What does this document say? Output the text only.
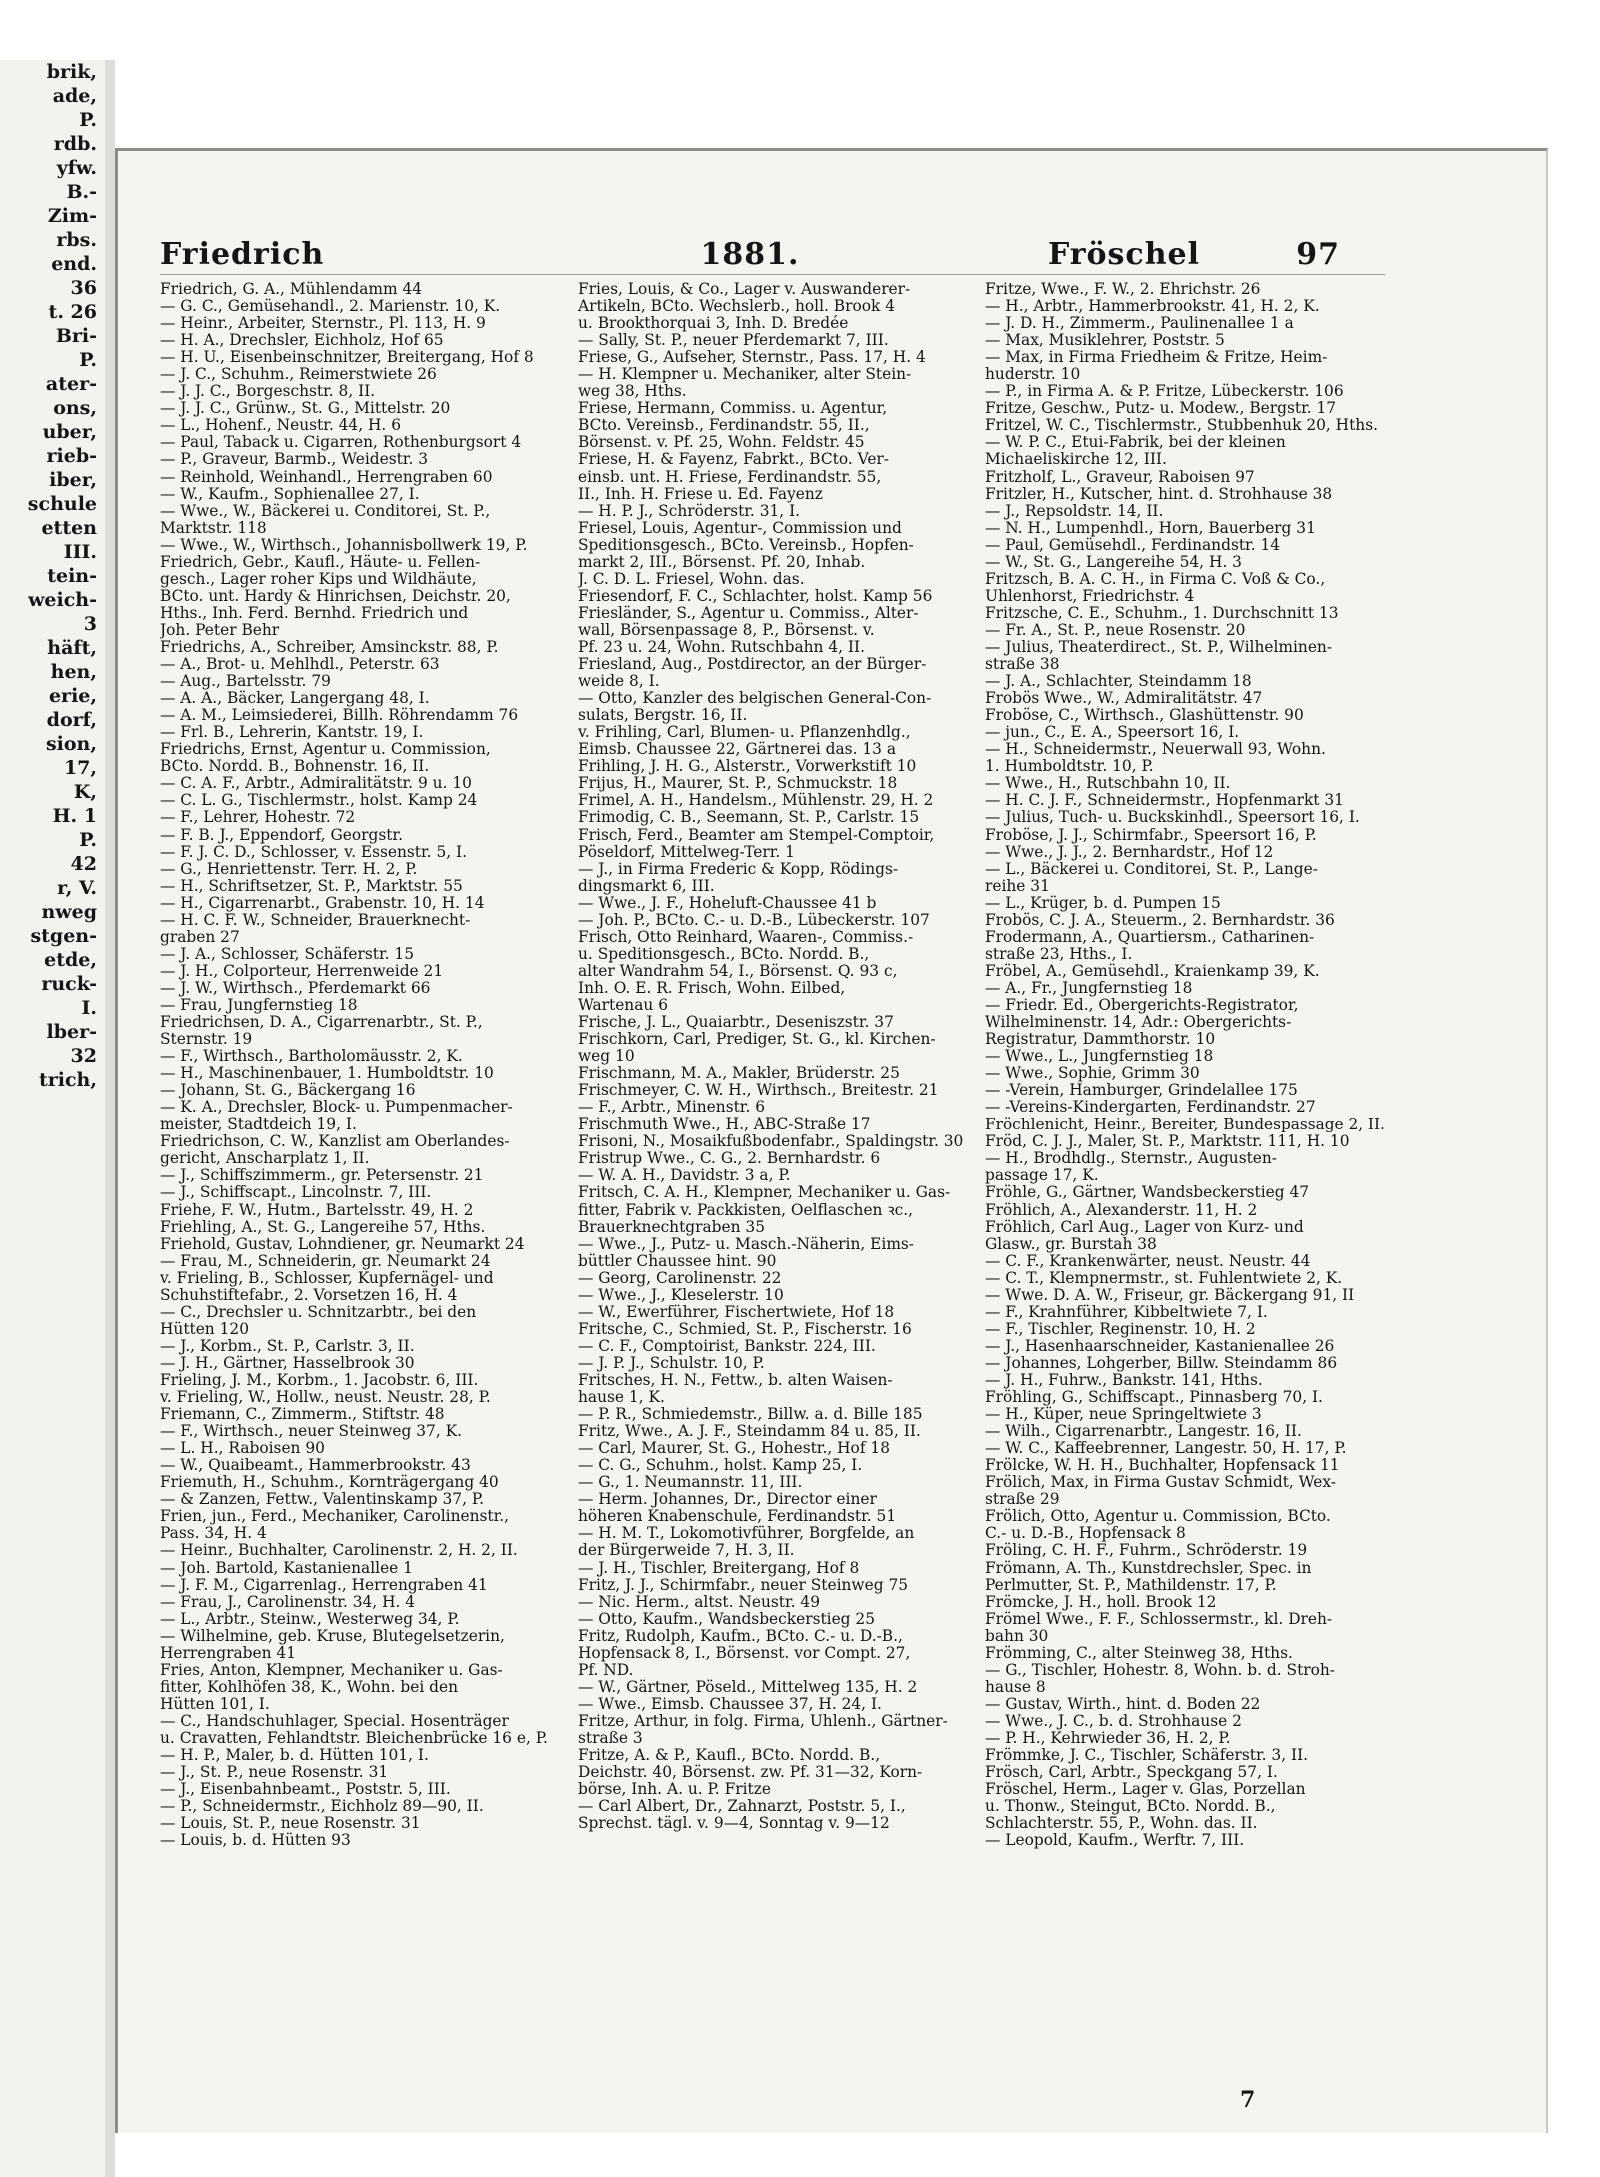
brik,
ade,
P.
rdb.
yfw.
B.-
Zim-
rbs.
end.
36
t. 26
Bri-
P.
ater-
ons,
uber,
rieb-
iber,
schule
etten
III.
tein-
weich-
3
häft,
hen,
erie,
dorf,
sion,
17,
K,
H. 1
P.
42
r, V.
nweg
stgen-
etde,
ruck-
I.
lber-
32
trich,
Friedrich	1881.	Fröschel	97
Friedrich, G. A., Mühlendamm 44
— G. C., Gemüsehandl., 2. Marienstr. 10, K.
— Heinr., Arbeiter, Sternstr., Pl. 113, H. 9
— H. A., Drechsler, Eichholz, Hof 65
— H. U., Eisenbeinschnitzer, Breitergang, Hof 8
— J. C., Schuhm., Reimerstwiete 26
— J. J. C., Borgeschstr. 8, II.
— J. J. C., Grünw., St. G., Mittelstr. 20
— L., Hohenf., Neustr. 44, H. 6
— Paul, Taback u. Cigarren, Rothenburgsort 4
— P., Graveur, Barmb., Weidestr. 3
— Reinhold, Weinhandl., Herrengraben 60
— W., Kaufm., Sophienallee 27, I.
— Wwe., W., Bäckerei u. Conditorei, St. P.,
Marktstr. 118
— Wwe., W., Wirthsch., Johannisbollwerk 19, P.
Friedrich, Gebr., Kaufl., Häute- u. Fellen-
gesch., Lager roher Kips und Wildhäute,
BCto. unt. Hardy & Hinrichsen, Deichstr. 20,
Hths., Inh. Ferd. Bernhd. Friedrich und
Joh. Peter Behr
Friedrichs, A., Schreiber, Amsinckstr. 88, P.
— A., Brot- u. Mehlhdl., Peterstr. 63
— Aug., Bartelsstr. 79
— A. A., Bäcker, Langergang 48, I.
— A. M., Leimsiederei, Billh. Röhrendamm 76
— Frl. B., Lehrerin, Kantstr. 19, I.
Friedrichs, Ernst, Agentur u. Commission,
BCto. Nordd. B., Bohnenstr. 16, II.
— C. A. F., Arbtr., Admiralitätstr. 9 u. 10
— C. L. G., Tischlermstr., holst. Kamp 24
— F., Lehrer, Hohestr. 72
— F. B. J., Eppendorf, Georgstr.
— F. J. C. D., Schlosser, v. Essenstr. 5, I.
— G., Henriettenstr. Terr. H. 2, P.
— H., Schriftsetzer, St. P., Marktstr. 55
— H., Cigarrenarbt., Grabenstr. 10, H. 14
— H. C. F. W., Schneider, Brauerknecht-
graben 27
— J. A., Schlosser, Schäferstr. 15
— J. H., Colporteur, Herrenweide 21
— J. W., Wirthsch., Pferdemarkt 66
— Frau, Jungfernstieg 18
Friedrichsen, D. A., Cigarrenarbtr., St. P.,
Sternstr. 19
— F., Wirthsch., Bartholomäusstr. 2, K.
— H., Maschinenbauer, 1. Humboldtstr. 10
— Johann, St. G., Bäckergang 16
— K. A., Drechsler, Block- u. Pumpenmacher-
meister, Stadtdeich 19, I.
Friedrichson, C. W., Kanzlist am Oberlandes-
gericht, Anscharplatz 1, II.
— J., Schiffszimmerm., gr. Petersenstr. 21
— J., Schiffscapt., Lincolnstr. 7, III.
Friehe, F. W., Hutm., Bartelsstr. 49, H. 2
Friehling, A., St. G., Langereihe 57, Hths.
Friehold, Gustav, Lohndiener, gr. Neumarkt 24
— Frau, M., Schneiderin, gr. Neumarkt 24
v. Frieling, B., Schlosser, Kupfernägel- und
Schuhstiftefabr., 2. Vorsetzen 16, H. 4
— C., Drechsler u. Schnitzarbtr., bei den
Hütten 120
— J., Korbm., St. P., Carlstr. 3, II.
— J. H., Gärtner, Hasselbrook 30
Frieling, J. M., Korbm., 1. Jacobstr. 6, III.
v. Frieling, W., Hollw., neust. Neustr. 28, P.
Friemann, C., Zimmerm., Stiftstr. 48
— F., Wirthsch., neuer Steinweg 37, K.
— L. H., Raboisen 90
— W., Quaibeamt., Hammerbrookstr. 43
Friemuth, H., Schuhm., Kornträgergang 40
— & Zanzen, Fettw., Valentinskamp 37, P.
Frien, jun., Ferd., Mechaniker, Carolinenstr.,
Pass. 34, H. 4
— Heinr., Buchhalter, Carolinenstr. 2, H. 2, II.
— Joh. Bartold, Kastanienallee 1
— J. F. M., Cigarrenlag., Herrengraben 41
— Frau, J., Carolinenstr. 34, H. 4
— L., Arbtr., Steinw., Westerweg 34, P.
— Wilhelmine, geb. Kruse, Blutegelsetzerin,
Herrengraben 41
Fries, Anton, Klempner, Mechaniker u. Gas-
fitter, Kohlhöfen 38, K., Wohn. bei den
Hütten 101, I.
— C., Handschuhlager, Special. Hosenträger
u. Cravatten, Fehlandtstr. Bleichenbrücke 16 e, P.
— H. P., Maler, b. d. Hütten 101, I.
— J., St. P., neue Rosenstr. 31
— J., Eisenbahnbeamt., Poststr. 5, III.
— P., Schneidermstr., Eichholz 89—90, II.
— Louis, St. P., neue Rosenstr. 31
— Louis, b. d. Hütten 93
Fries, Louis, & Co., Lager v. Auswanderer-
Artikeln, BCto. Wechslerb., holl. Brook 4
u. Brookthorquai 3, Inh. D. Bredée
— Sally, St. P., neuer Pferdemarkt 7, III.
Friese, G., Aufseher, Sternstr., Pass. 17, H. 4
— H. Klempner u. Mechaniker, alter Stein-
weg 38, Hths.
Friese, Hermann, Commiss. u. Agentur,
BCto. Vereinsb., Ferdinandstr. 55, II.,
Börsenst. v. Pf. 25, Wohn. Feldstr. 45
Friese, H. & Fayenz, Fabrkt., BCto. Ver-
einsb. unt. H. Friese, Ferdinandstr. 55,
II., Inh. H. Friese u. Ed. Fayenz
— H. P. J., Schröderstr. 31, I.
Friesel, Louis, Agentur-, Commission und
Speditionsgesch., BCto. Vereinsb., Hopfen-
markt 2, III., Börsenst. Pf. 20, Inhab.
J. C. D. L. Friesel, Wohn. das.
Friesendorf, F. C., Schlachter, holst. Kamp 56
Friesländer, S., Agentur u. Commiss., Alter-
wall, Börsenpassage 8, P., Börsenst. v.
Pf. 23 u. 24, Wohn. Rutschbahn 4, II.
Friesland, Aug., Postdirector, an der Bürger-
weide 8, I.
— Otto, Kanzler des belgischen General-Con-
sulats, Bergstr. 16, II.
v. Frihling, Carl, Blumen- u. Pflanzenhdlg.,
Eimsb. Chaussee 22, Gärtnerei das. 13 a
Frihling, J. H. G., Alsterstr., Vorwerkstift 10
Frijus, H., Maurer, St. P., Schmuckstr. 18
Frimel, A. H., Handelsm., Mühlenstr. 29, H. 2
Frimodig, C. B., Seemann, St. P., Carlstr. 15
Frisch, Ferd., Beamter am Stempel-Comptoir,
Pöseldorf, Mittelweg-Terr. 1
— J., in Firma Frederic & Kopp, Rödings-
dingsmarkt 6, III.
— Wwe., J. F., Hoheluft-Chaussee 41 b
— Joh. P., BCto. C.- u. D.-B., Lübeckerstr. 107
Frisch, Otto Reinhard, Waaren-, Commiss.-
u. Speditionsgesch., BCto. Nordd. B.,
alter Wandrahm 54, I., Börsenst. Q. 93 c,
Inh. O. E. R. Frisch, Wohn. Eilbed,
Wartenau 6
Frische, J. L., Quaiarbtr., Deseniszstr. 37
Frischkorn, Carl, Prediger, St. G., kl. Kirchen-
weg 10
Frischmann, M. A., Makler, Brüderstr. 25
Frischmeyer, C. W. H., Wirthsch., Breitestr. 21
— F., Arbtr., Minenstr. 6
Frischmuth Wwe., H., ABC-Straße 17
Frisoni, N., Mosaikfußbodenfabr., Spaldingstr. 30
Fristrup Wwe., C. G., 2. Bernhardstr. 6
— W. A. H., Davidstr. 3 a, P.
Fritsch, C. A. H., Klempner, Mechaniker u. Gas-
fitter, Fabrik v. Packkisten, Oelflaschen ꝛc.,
Brauerknechtgraben 35
— Wwe., J., Putz- u. Masch.-Näherin, Eims-
büttler Chaussee hint. 90
— Georg, Carolinenstr. 22
— Wwe., J., Kleselerstr. 10
— W., Ewerführer, Fischertwiete, Hof 18
Fritsche, C., Schmied, St. P., Fischerstr. 16
— C. F., Comptoirist, Bankstr. 224, III.
— J. P. J., Schulstr. 10, P.
Fritsches, H. N., Fettw., b. alten Waisen-
hause 1, K.
— P. R., Schmiedemstr., Billw. a. d. Bille 185
Fritz, Wwe., A. J. F., Steindamm 84 u. 85, II.
— Carl, Maurer, St. G., Hohestr., Hof 18
— C. G., Schuhm., holst. Kamp 25, I.
— G., 1. Neumannstr. 11, III.
— Herm. Johannes, Dr., Director einer
höheren Knabenschule, Ferdinandstr. 51
— H. M. T., Lokomotivführer, Borgfelde, an
der Bürgerweide 7, H. 3, II.
— J. H., Tischler, Breitergang, Hof 8
Fritz, J. J., Schirmfabr., neuer Steinweg 75
— Nic. Herm., altst. Neustr. 49
— Otto, Kaufm., Wandsbeckerstieg 25
Fritz, Rudolph, Kaufm., BCto. C.- u. D.-B.,
Hopfensack 8, I., Börsenst. vor Compt. 27,
Pf. ND.
— W., Gärtner, Pöseld., Mittelweg 135, H. 2
— Wwe., Eimsb. Chaussee 37, H. 24, I.
Fritze, Arthur, in folg. Firma, Uhlenh., Gärtner-
straße 3
Fritze, A. & P., Kaufl., BCto. Nordd. B.,
Deichstr. 40, Börsenst. zw. Pf. 31—32, Korn-
börse, Inh. A. u. P. Fritze
— Carl Albert, Dr., Zahnarzt, Poststr. 5, I.,
Sprechst. tägl. v. 9—4, Sonntag v. 9—12
Fritze, Wwe., F. W., 2. Ehrichstr. 26
— H., Arbtr., Hammerbrookstr. 41, H. 2, K.
— J. D. H., Zimmerm., Paulinenallee 1 a
— Max, Musiklehrer, Poststr. 5
— Max, in Firma Friedheim & Fritze, Heim-
huderstr. 10
— P., in Firma A. & P. Fritze, Lübeckerstr. 106
Fritze, Geschw., Putz- u. Modew., Bergstr. 17
Fritzel, W. C., Tischlermstr., Stubbenhuk 20, Hths.
— W. P. C., Etui-Fabrik, bei der kleinen
Michaeliskirche 12, III.
Fritzholf, L., Graveur, Raboisen 97
Fritzler, H., Kutscher, hint. d. Strohhause 38
— J., Repsoldstr. 14, II.
— N. H., Lumpenhdl., Horn, Bauerberg 31
— Paul, Gemüsehdl., Ferdinandstr. 14
— W., St. G., Langereihe 54, H. 3
Fritzsch, B. A. C. H., in Firma C. Voß & Co.,
Uhlenhorst, Friedrichstr. 4
Fritzsche, C. E., Schuhm., 1. Durchschnitt 13
— Fr. A., St. P., neue Rosenstr. 20
— Julius, Theaterdirect., St. P., Wilhelminen-
straße 38
— J. A., Schlachter, Steindamm 18
Frobös Wwe., W., Admiralitätstr. 47
Froböse, C., Wirthsch., Glashüttenstr. 90
— jun., C., E. A., Speersort 16, I.
— H., Schneidermstr., Neuerwall 93, Wohn.
1. Humboldtstr. 10, P.
— Wwe., H., Rutschbahn 10, II.
— H. C. J. F., Schneidermstr., Hopfenmarkt 31
— Julius, Tuch- u. Buckskinhdl., Speersort 16, I.
Froböse, J. J., Schirmfabr., Speersort 16, P.
— Wwe., J. J., 2. Bernhardstr., Hof 12
— L., Bäckerei u. Conditorei, St. P., Lange-
reihe 31
— L., Krüger, b. d. Pumpen 15
Frobös, C. J. A., Steuerm., 2. Bernhardstr. 36
Frodermann, A., Quartiersm., Catharinen-
straße 23, Hths., I.
Fröbel, A., Gemüsehdl., Kraienkamp 39, K.
— A., Fr., Jungfernstieg 18
— Friedr. Ed., Obergerichts-Registrator,
Wilhelminenstr. 14, Adr.: Obergerichts-
Registratur, Dammthorstr. 10
— Wwe., L., Jungfernstieg 18
— Wwe., Sophie, Grimm 30
— -Verein, Hamburger, Grindelallee 175
— -Vereins-Kindergarten, Ferdinandstr. 27
Fröchlenicht, Heinr., Bereiter, Bundespassage 2, II.
Fröd, C. J. J., Maler, St. P., Marktstr. 111, H. 10
— H., Brodhdlg., Sternstr., Augusten-
passage 17, K.
Fröhle, G., Gärtner, Wandsbeckerstieg 47
Fröhlich, A., Alexanderstr. 11, H. 2
Fröhlich, Carl Aug., Lager von Kurz- und
Glasw., gr. Burstah 38
— C. F., Krankenwärter, neust. Neustr. 44
— C. T., Klempnermstr., st. Fuhlentwiete 2, K.
— Wwe. D. A. W., Friseur, gr. Bäckergang 91, II
— F., Krahnführer, Kibbeltwiete 7, I.
— F., Tischler, Reginenstr. 10, H. 2
— J., Hasenhaarschneider, Kastanienallee 26
— Johannes, Lohgerber, Billw. Steindamm 86
— J. H., Fuhrw., Bankstr. 141, Hths.
Fröhling, G., Schiffscapt., Pinnasberg 70, I.
— H., Küper, neue Springeltwiete 3
— Wilh., Cigarrenarbtr., Langestr. 16, II.
— W. C., Kaffeebrenner, Langestr. 50, H. 17, P.
Frölcke, W. H. H., Buchhalter, Hopfensack 11
Frölich, Max, in Firma Gustav Schmidt, Wex-
straße 29
Frölich, Otto, Agentur u. Commission, BCto.
C.- u. D.-B., Hopfensack 8
Fröling, C. H. F., Fuhrm., Schröderstr. 19
Frömann, A. Th., Kunstdrechsler, Spec. in
Perlmutter, St. P., Mathildenstr. 17, P.
Frömcke, J. H., holl. Brook 12
Frömel Wwe., F. F., Schlossermstr., kl. Dreh-
bahn 30
Frömming, C., alter Steinweg 38, Hths.
— G., Tischler, Hohestr. 8, Wohn. b. d. Stroh-
hause 8
— Gustav, Wirth., hint. d. Boden 22
— Wwe., J. C., b. d. Strohhause 2
— P. H., Kehrwieder 36, H. 2, P.
Frömmke, J. C., Tischler, Schäferstr. 3, II.
Frösch, Carl, Arbtr., Speckgang 57, I.
Fröschel, Herm., Lager v. Glas, Porzellan
u. Thonw., Steingut, BCto. Nordd. B.,
Schlachterstr. 55, P., Wohn. das. II.
— Leopold, Kaufm., Werftr. 7, III.
7
